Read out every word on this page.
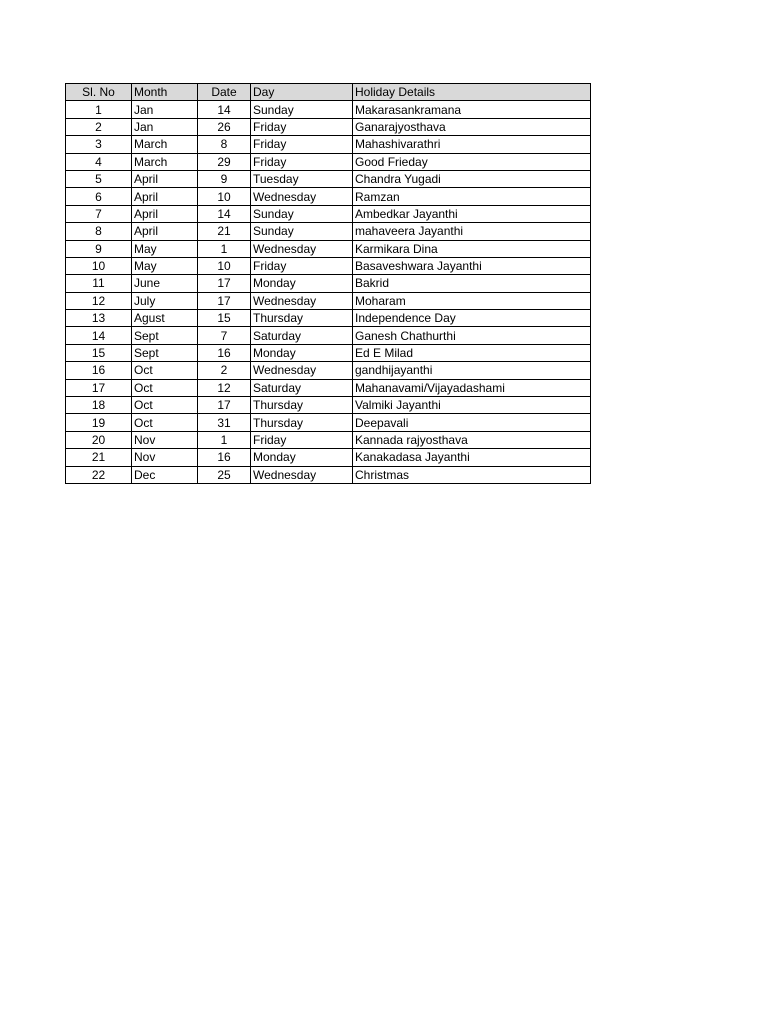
Sl. No	Month	Date	Day	Holiday Details
1	Jan	14	Sunday	Makarasankramana
2	Jan	26	Friday	Ganarajyosthava
3	March	8	Friday	Mahashivarathri
4	March	29	Friday	Good Frieday
5	April	9	Tuesday	Chandra Yugadi
6	April	10	Wednesday	Ramzan
7	April	14	Sunday	Ambedkar Jayanthi
8	April	21	Sunday	mahaveera Jayanthi
9	May	1	Wednesday	Karmikara Dina
10	May	10	Friday	Basaveshwara Jayanthi
11	June	17	Monday	Bakrid
12	July	17	Wednesday	Moharam
13	Agust	15	Thursday	Independence Day
14	Sept	7	Saturday	Ganesh Chathurthi
15	Sept	16	Monday	Ed E Milad
16	Oct	2	Wednesday	gandhijayanthi
17	Oct	12	Saturday	Mahanavami/Vijayadashami
18	Oct	17	Thursday	Valmiki Jayanthi
19	Oct	31	Thursday	Deepavali
20	Nov	1	Friday	Kannada rajyosthava
21	Nov	16	Monday	Kanakadasa Jayanthi
22	Dec	25	Wednesday	Christmas
